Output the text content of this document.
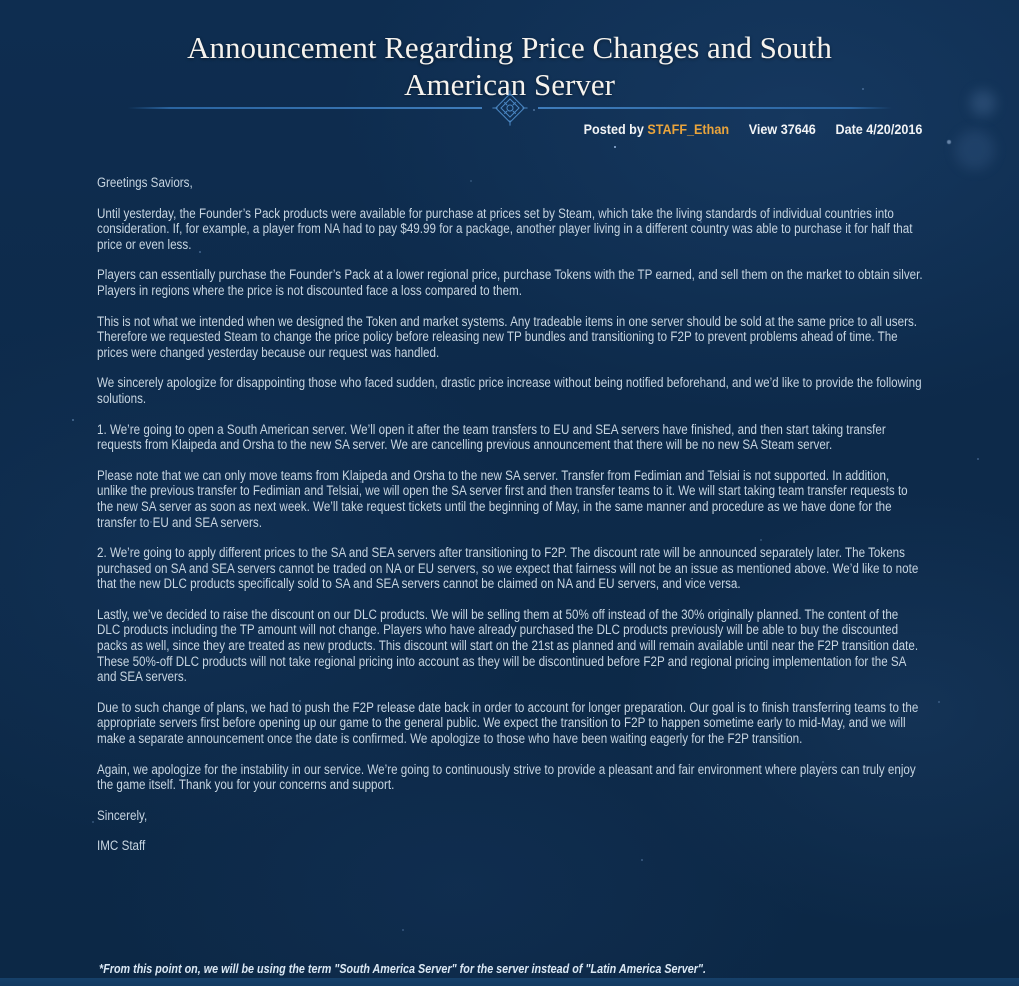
Announcement Regarding Price Changes and South American Server
Posted by STAFF_Ethan View 37646 Date 4/20/2016

Greetings Saviors,

Until yesterday, the Founder’s Pack products were available for purchase at prices set by Steam, which take the living standards of individual countries into consideration. If, for example, a player from NA had to pay $49.99 for a package, another player living in a different country was able to purchase it for half that price or even less.

Players can essentially purchase the Founder’s Pack at a lower regional price, purchase Tokens with the TP earned, and sell them on the market to obtain silver. Players in regions where the price is not discounted face a loss compared to them.

This is not what we intended when we designed the Token and market systems. Any tradeable items in one server should be sold at the same price to all users. Therefore we requested Steam to change the price policy before releasing new TP bundles and transitioning to F2P to prevent problems ahead of time. The prices were changed yesterday because our request was handled.

We sincerely apologize for disappointing those who faced sudden, drastic price increase without being notified beforehand, and we’d like to provide the following solutions.

1. We’re going to open a South American server. We’ll open it after the team transfers to EU and SEA servers have finished, and then start taking transfer requests from Klaipeda and Orsha to the new SA server. We are cancelling previous announcement that there will be no new SA Steam server.

Please note that we can only move teams from Klaipeda and Orsha to the new SA server. Transfer from Fedimian and Telsiai is not supported. In addition, unlike the previous transfer to Fedimian and Telsiai, we will open the SA server first and then transfer teams to it. We will start taking team transfer requests to the new SA server as soon as next week. We’ll take request tickets until the beginning of May, in the same manner and procedure as we have done for the transfer to EU and SEA servers.

2. We’re going to apply different prices to the SA and SEA servers after transitioning to F2P. The discount rate will be announced separately later. The Tokens purchased on SA and SEA servers cannot be traded on NA or EU servers, so we expect that fairness will not be an issue as mentioned above. We’d like to note that the new DLC products specifically sold to SA and SEA servers cannot be claimed on NA and EU servers, and vice versa.

Lastly, we’ve decided to raise the discount on our DLC products. We will be selling them at 50% off instead of the 30% originally planned. The content of the DLC products including the TP amount will not change. Players who have already purchased the DLC products previously will be able to buy the discounted packs as well, since they are treated as new products. This discount will start on the 21st as planned and will remain available until near the F2P transition date. These 50%-off DLC products will not take regional pricing into account as they will be discontinued before F2P and regional pricing implementation for the SA and SEA servers.

Due to such change of plans, we had to push the F2P release date back in order to account for longer preparation. Our goal is to finish transferring teams to the appropriate servers first before opening up our game to the general public. We expect the transition to F2P to happen sometime early to mid-May, and we will make a separate announcement once the date is confirmed. We apologize to those who have been waiting eagerly for the F2P transition.

Again, we apologize for the instability in our service. We’re going to continuously strive to provide a pleasant and fair environment where players can truly enjoy the game itself. Thank you for your concerns and support.

Sincerely,

IMC Staff

*From this point on, we will be using the term "South America Server" for the server instead of "Latin America Server".
